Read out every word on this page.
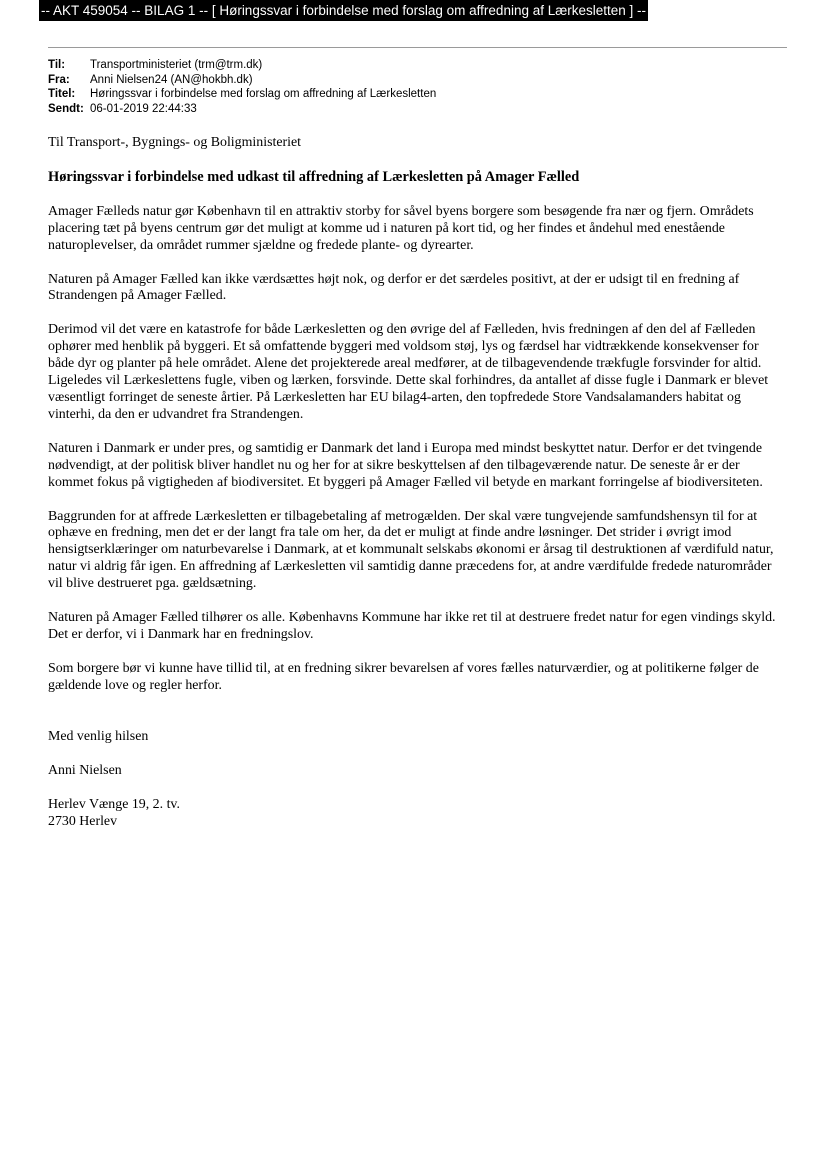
-- AKT 459054 -- BILAG 1 -- [ Høringssvar i forbindelse med forslag om affredning af Lærkesletten ] --
Til:	Transportministeriet (trm@trm.dk)
Fra:	Anni Nielsen24 (AN@hokbh.dk)
Titel:	Høringssvar i forbindelse med forslag om affredning af Lærkesletten
Sendt: 06-01-2019 22:44:33

Til Transport-, Bygnings- og Boligministeriet

Høringssvar i forbindelse med udkast til affredning af Lærkesletten på Amager Fælled

Amager Fælleds natur gør København til en attraktiv storby for såvel byens borgere som besøgende fra nær og fjern. Områdets placering tæt på byens centrum gør det muligt at komme ud i naturen på kort tid, og her findes et åndehul med enestående naturoplevelser, da området rummer sjældne og fredede plante- og dyrearter.

Naturen på Amager Fælled kan ikke værdsættes højt nok, og derfor er det særdeles positivt, at der er udsigt til en fredning af Strandengen på Amager Fælled.

Derimod vil det være en katastrofe for både Lærkesletten og den øvrige del af Fælleden, hvis fredningen af den del af Fælleden ophører med henblik på byggeri. Et så omfattende byggeri med voldsom støj, lys og færdsel har vidtrækkende konsekvenser for både dyr og planter på hele området. Alene det projekterede areal medfører, at de tilbagevendende trækfugle forsvinder for altid. Ligeledes vil Lærkeslettens fugle, viben og lærken, forsvinde. Dette skal forhindres, da antallet af disse fugle i Danmark er blevet væsentligt forringet de seneste årtier. På Lærkesletten har EU bilag4-arten, den topfredede Store Vandsalamanders habitat og vinterhi, da den er udvandret fra Strandengen.

Naturen i Danmark er under pres, og samtidig er Danmark det land i Europa med mindst beskyttet natur. Derfor er det tvingende nødvendigt, at der politisk bliver handlet nu og her for at sikre beskyttelsen af den tilbageværende natur. De seneste år er der kommet fokus på vigtigheden af biodiversitet. Et byggeri på Amager Fælled vil betyde en markant forringelse af biodiversiteten.

Baggrunden for at affrede Lærkesletten er tilbagebetaling af metrogælden. Der skal være tungvejende samfundshensyn til for at ophæve en fredning, men det er der langt fra tale om her, da det er muligt at finde andre løsninger. Det strider i øvrigt imod hensigtserklæringer om naturbevarelse i Danmark, at et kommunalt selskabs økonomi er årsag til destruktionen af værdifuld natur, natur vi aldrig får igen. En affredning af Lærkesletten vil samtidig danne præcedens for, at andre værdifulde fredede naturområder vil blive destrueret pga. gældsætning.

Naturen på Amager Fælled tilhører os alle. Københavns Kommune har ikke ret til at destruere fredet natur for egen vindings skyld. Det er derfor, vi i Danmark har en fredningslov.

Som borgere bør vi kunne have tillid til, at en fredning sikrer bevarelsen af vores fælles naturværdier, og at politikerne følger de gældende love og regler herfor.

Med venlig hilsen

Anni Nielsen

Herlev Vænge 19, 2. tv.

2730 Herlev
